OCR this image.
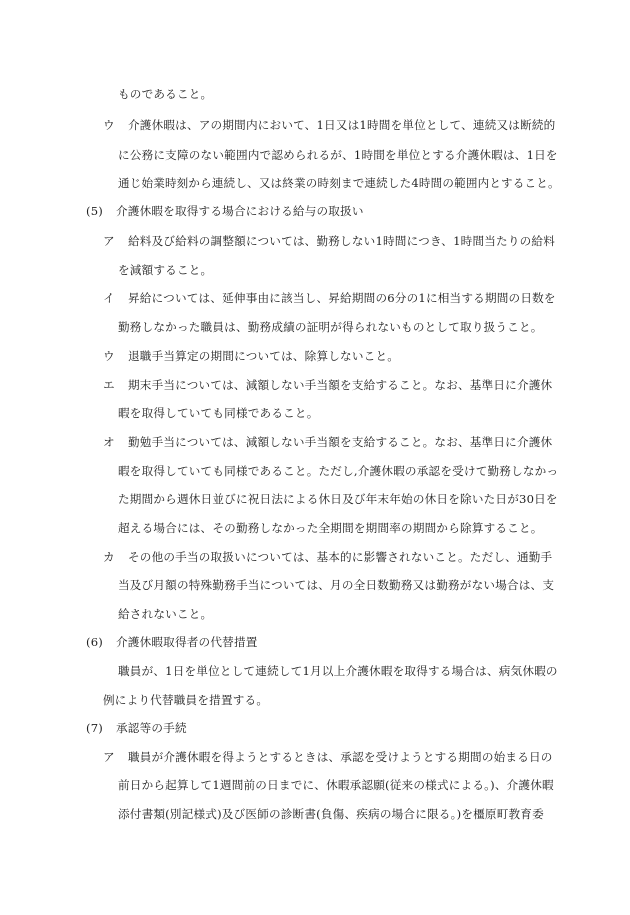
ものであること。
ウ 介護休暇は、アの期間内において、1日又は1時間を単位として、連続又は断続的
に公務に支障のない範囲内で認められるが、1時間を単位とする介護休暇は、1日を
通じ始業時刻から連続し、又は終業の時刻まで連続した4時間の範囲内とすること。
(5) 介護休暇を取得する場合における給与の取扱い
ア 給料及び給料の調整額については、勤務しない1時間につき、1時間当たりの給料
を減額すること。
イ 昇給については、延伸事由に該当し、昇給期間の6分の1に相当する期間の日数を
勤務しなかった職員は、勤務成績の証明が得られないものとして取り扱うこと。
ウ 退職手当算定の期間については、除算しないこと。
エ 期末手当については、減額しない手当額を支給すること。なお、基準日に介護休
暇を取得していても同様であること。
オ 勤勉手当については、減額しない手当額を支給すること。なお、基準日に介護休
暇を取得していても同様であること。ただし,介護休暇の承認を受けて勤務しなかっ
た期間から週休日並びに祝日法による休日及び年末年始の休日を除いた日が30日を
超える場合には、その勤務しなかった全期間を期間率の期間から除算すること。
カ その他の手当の取扱いについては、基本的に影響されないこと。ただし、通勤手
当及び月額の特殊勤務手当については、月の全日数勤務又は勤務がない場合は、支
給されないこと。
(6) 介護休暇取得者の代替措置
職員が、1日を単位として連続して1月以上介護休暇を取得する場合は、病気休暇の
例により代替職員を措置する。
(7) 承認等の手続
ア 職員が介護休暇を得ようとするときは、承認を受けようとする期間の始まる日の
前日から起算して1週間前の日までに、休暇承認願(従来の様式による。)、介護休暇
添付書類(別記様式)及び医師の診断書(負傷、疾病の場合に限る。)を橿原町教育委
